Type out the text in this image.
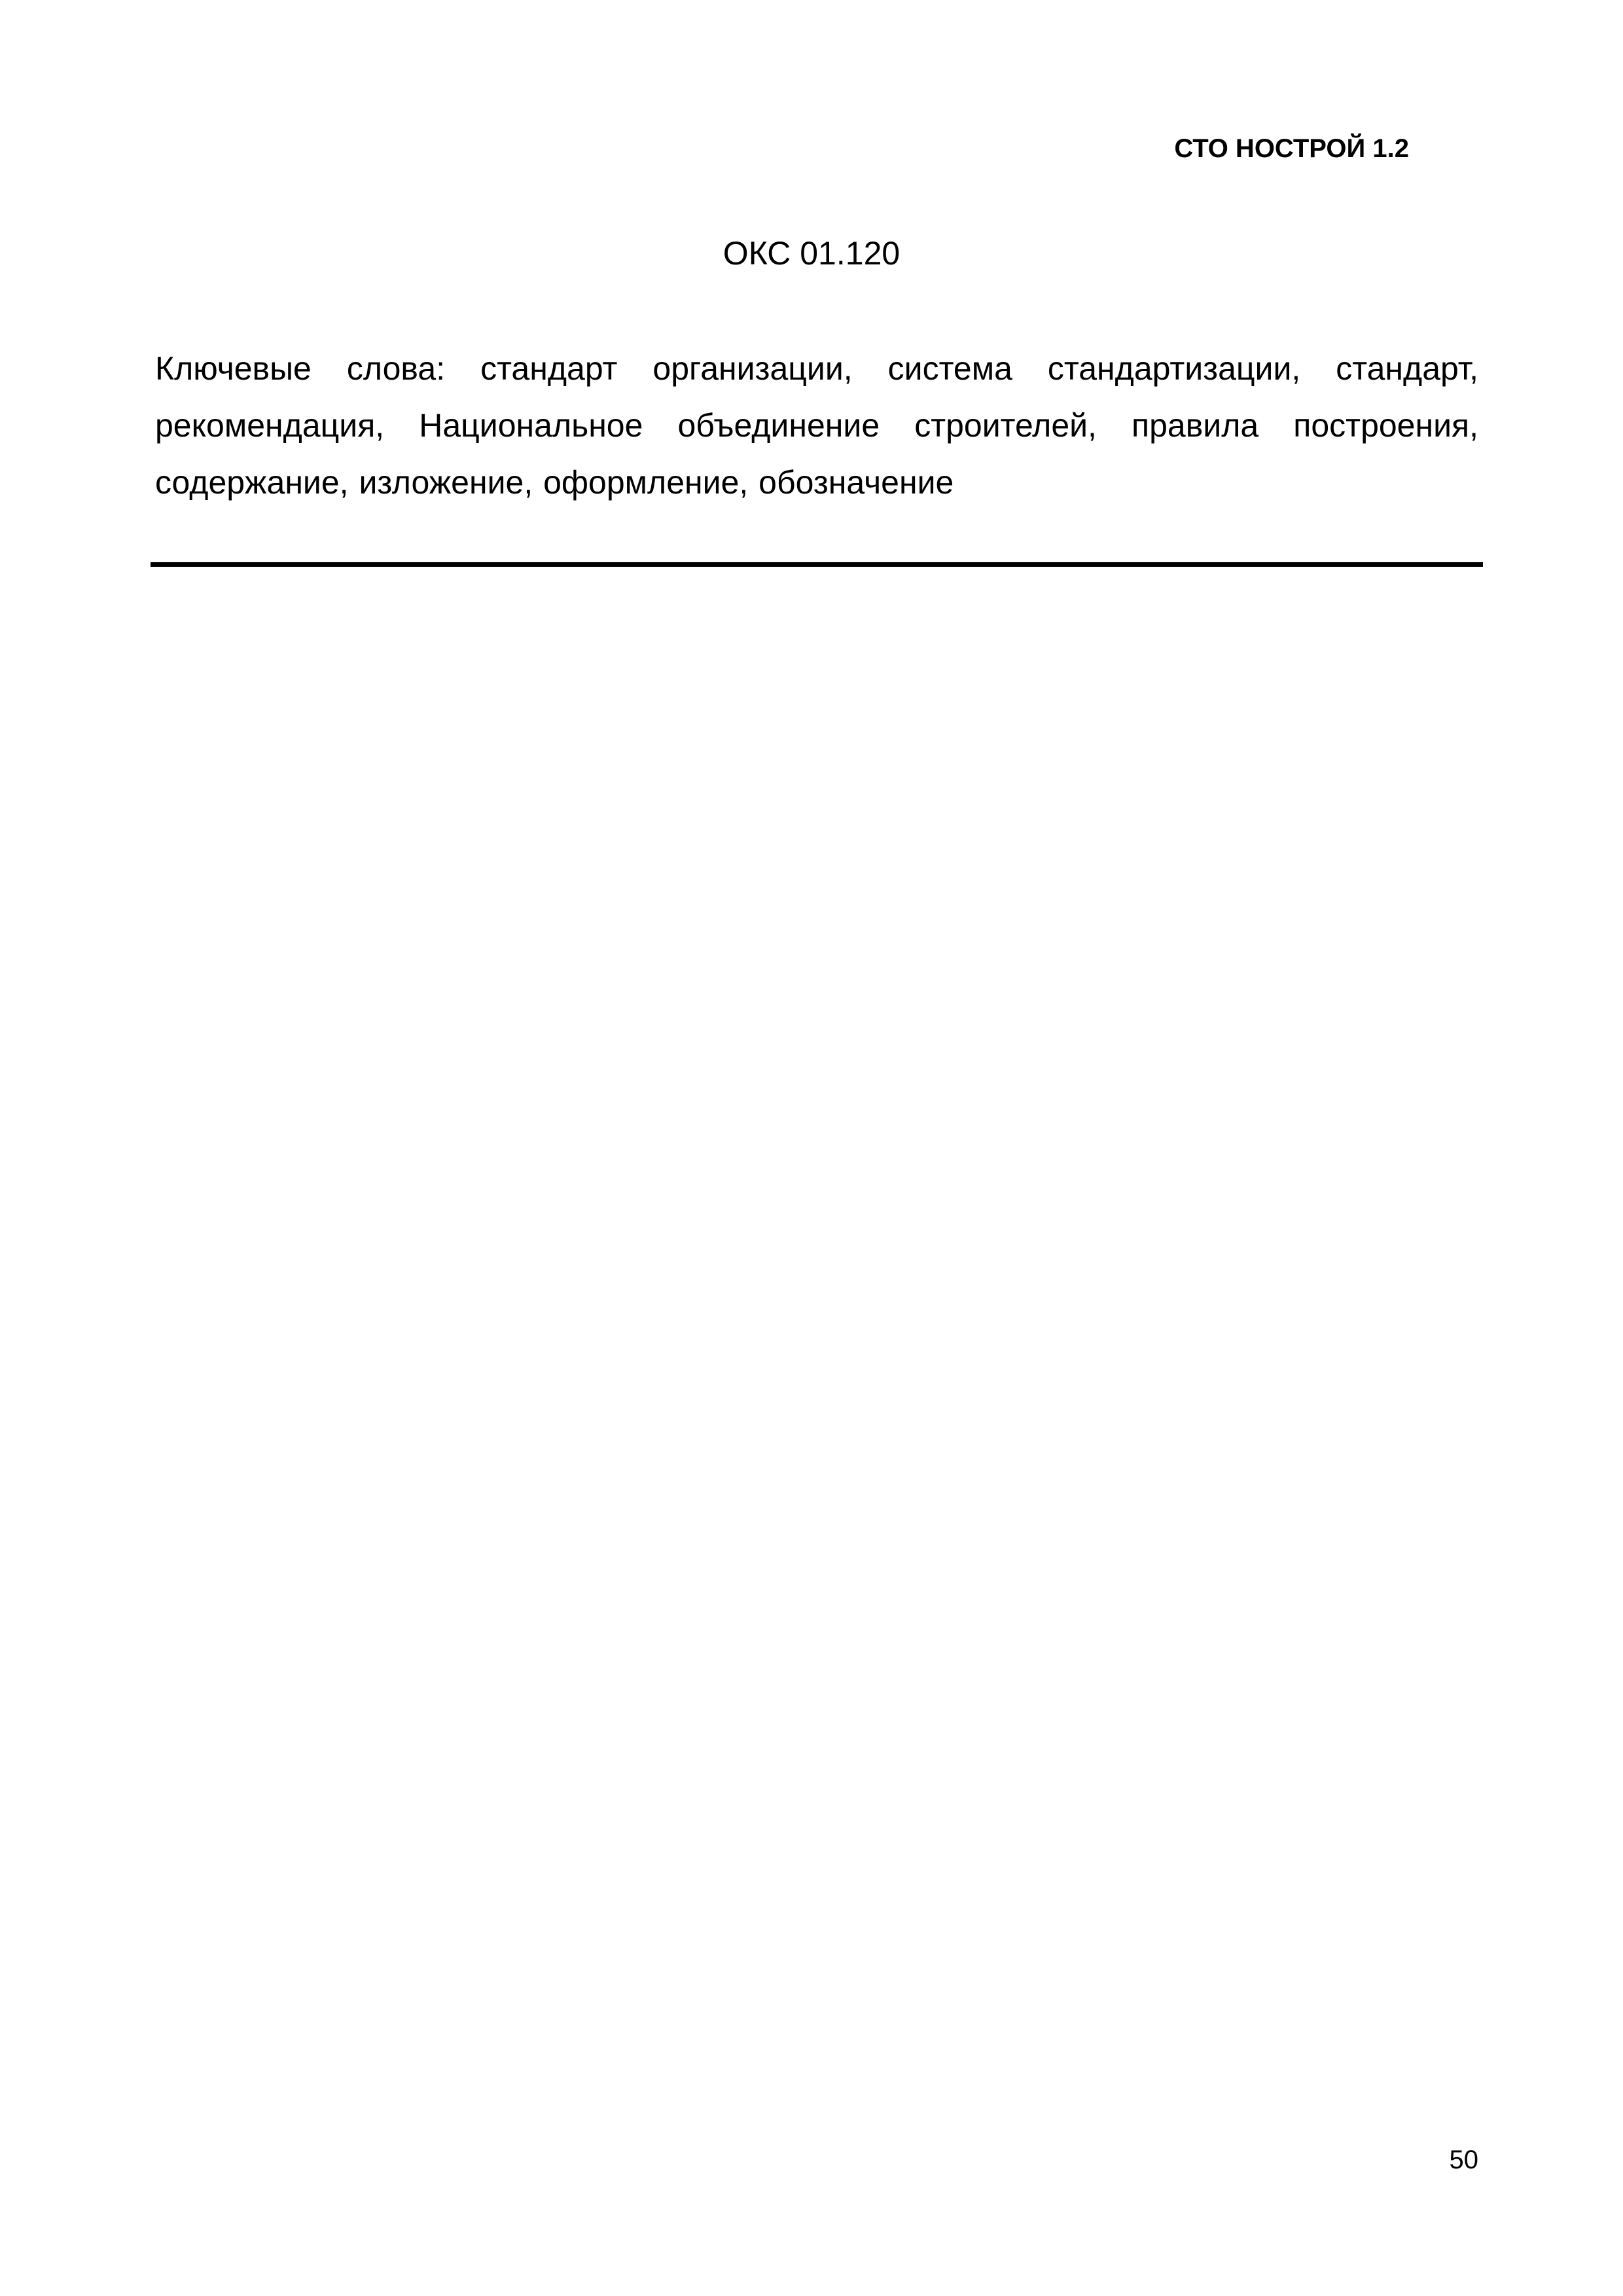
СТО НОСТРОЙ 1.2
ОКС 01.120
Ключевые слова: стандарт организации, система стандартизации, стандарт, рекомендация, Национальное объединение строителей, правила построения, содержание, изложение, оформление, обозначение
50
